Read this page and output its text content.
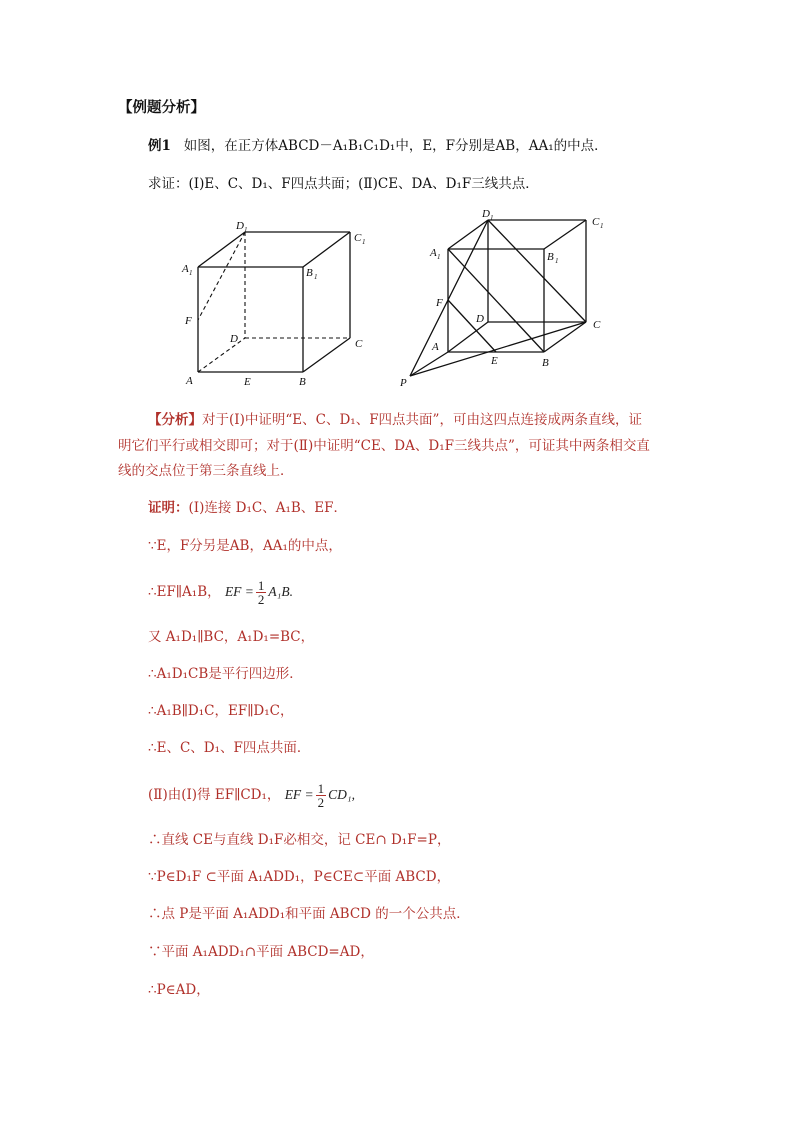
【例题分析】
例1 如图，在正方体ABCD－A₁B₁C₁D₁中，E，F分别是AB，AA₁的中点．
求证：(Ⅰ)E、C、D₁、F四点共面；(Ⅱ)CE、DA、D₁F三线共点．
D 1
C 1
A 1	B 1
F
D	C
A	E	B
D 1	C 1
A 1	B 1
F
D	C
A
E	B
P
【分析】对于(Ⅰ)中证明“E、C、D₁、F四点共面”，可由这四点连接成两条直线，证
明它们平行或相交即可；对于(Ⅱ)中证明“CE、DA、D₁F三线共点”，可证其中两条相交直
线的交点位于第三条直线上．
证明：(Ⅰ)连接 D₁C、A₁B、EF．
∵E，F分另是AB，AA₁的中点，
∴EF∥A₁B， EF = $\frac{1}{2} A_1B$.
又 A₁D₁∥BC，A₁D₁=BC，
∴A₁D₁CB是平行四边形．
∴A₁B∥D₁C，EF∥D₁C，
∴E、C、D₁、F四点共面．
(Ⅱ)由(Ⅰ)得 EF∥CD₁， EF = $\frac{1}{2} CD_1$,
∴直线 CE与直线 D₁F必相交，记 CE∩ D₁F=P，
∵P∈D₁F ⊂平面 A₁ADD₁，P∈CE⊂平面 ABCD，
∴点 P是平面 A₁ADD₁和平面 ABCD 的一个公共点．
∵平面 A₁ADD₁∩平面 ABCD=AD，
∴P∈AD，
